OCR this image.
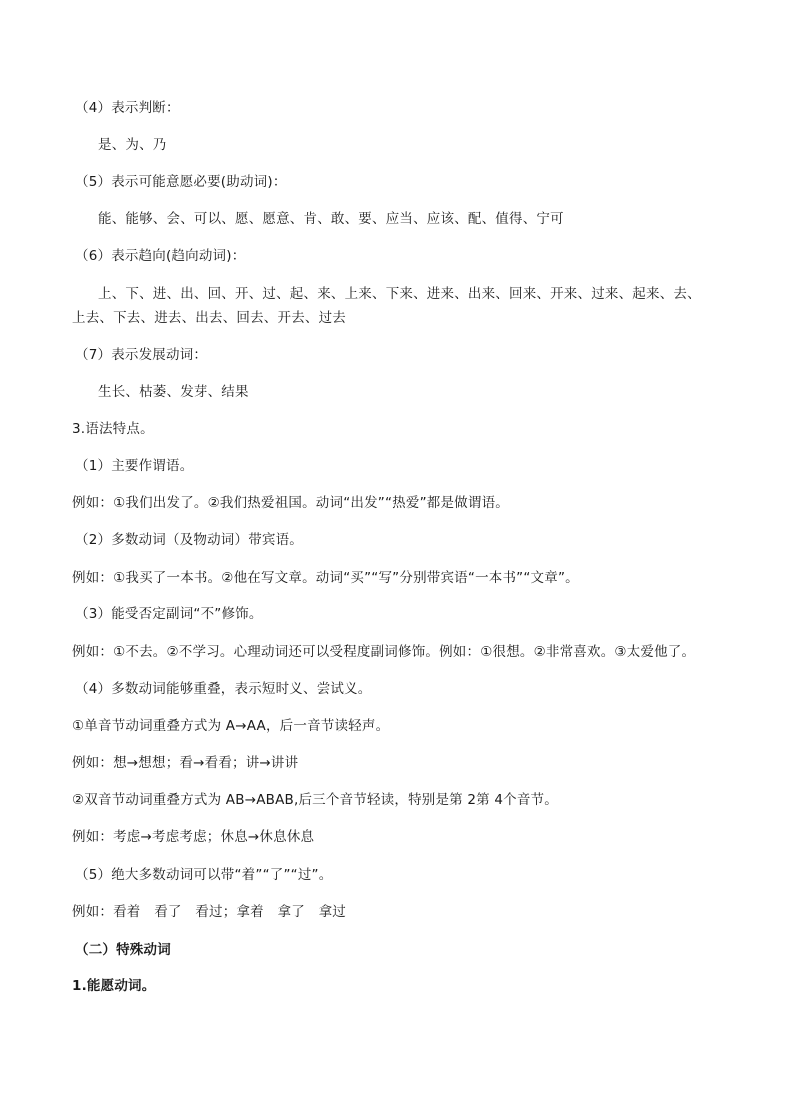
（4）表示判断：
是、为、乃
（5）表示可能意愿必要(助动词)：
能、能够、会、可以、愿、愿意、肯、敢、要、应当、应该、配、值得、宁可
（6）表示趋向(趋向动词)：
上、下、进、出、回、开、过、起、来、上来、下来、进来、出来、回来、开来、过来、起来、去、
上去、下去、进去、出去、回去、开去、过去
（7）表示发展动词：
生长、枯萎、发芽、结果
3.语法特点。
（1）主要作谓语。
例如：①我们出发了。②我们热爱祖国。动词“出发”“热爱”都是做谓语。
（2）多数动词（及物动词）带宾语。
例如：①我买了一本书。②他在写文章。动词“买”“写”分别带宾语“一本书”“文章”。
（3）能受否定副词“不”修饰。
例如：①不去。②不学习。心理动词还可以受程度副词修饰。例如：①很想。②非常喜欢。③太爱他了。
（4）多数动词能够重叠，表示短时义、尝试义。
①单音节动词重叠方式为 A→AA，后一音节读轻声。
例如：想→想想；看→看看；讲→讲讲
②双音节动词重叠方式为 AB→ABAB,后三个音节轻读，特别是第 2第 4个音节。
例如：考虑→考虑考虑；休息→休息休息
（5）绝大多数动词可以带“着”“了”“过”。
例如：看着　看了　看过；拿着　拿了　拿过
（二）特殊动词
1.能愿动词。
